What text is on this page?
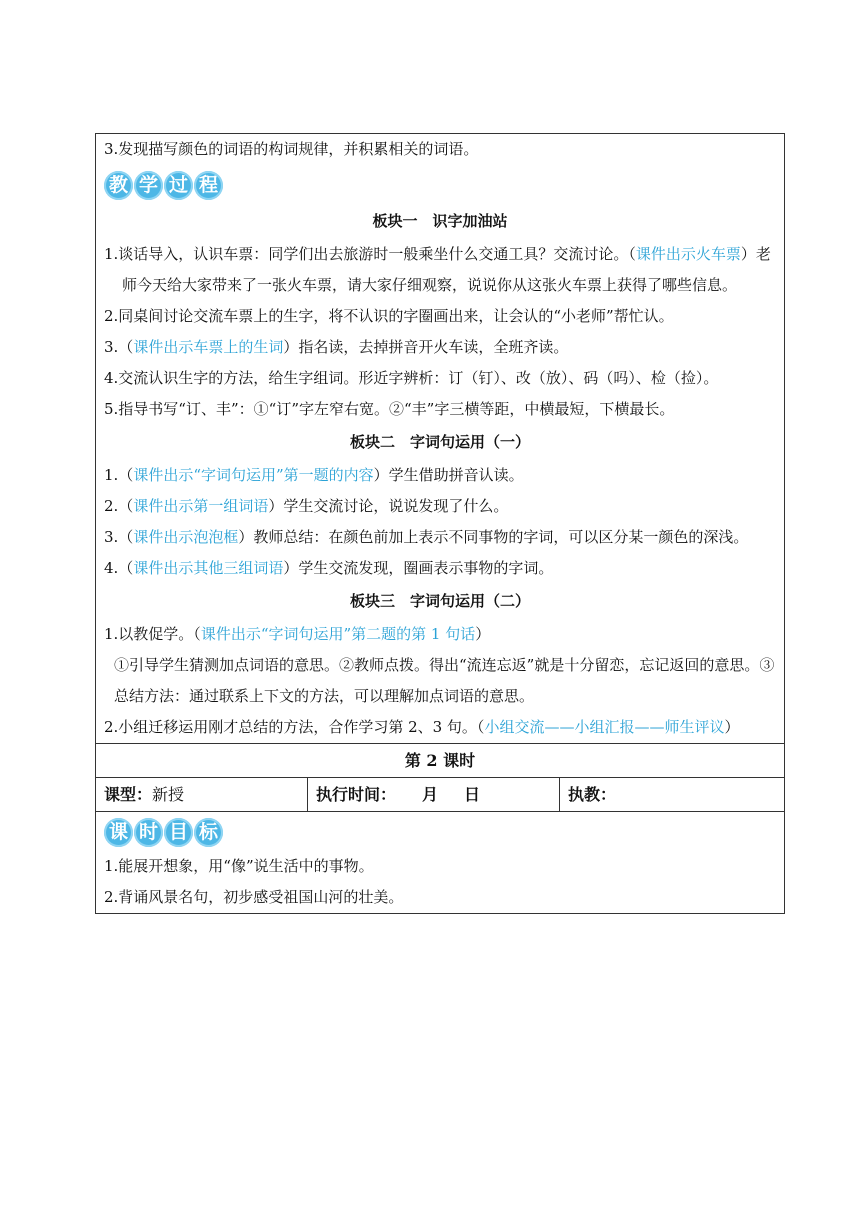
3.发现描写颜色的词语的构词规律，并积累相关的词语。

教 学 过 程
板块一　识字加油站

1.谈话导入，认识车票：同学们出去旅游时一般乘坐什么交通工具？交流讨论。（课件出示火车票）老师今天给大家带来了一张火车票，请大家仔细观察，说说你从这张火车票上获得了哪些信息。

2.同桌间讨论交流车票上的生字，将不认识的字圈画出来，让会认的“小老师”帮忙认。

3.（课件出示车票上的生词）指名读，去掉拼音开火车读，全班齐读。

4.交流认识生字的方法，给生字组词。形近字辨析：订（钉）、改（放）、码（吗）、检（捡）。

5.指导书写“订、丰”：①“订”字左窄右宽。②“丰”字三横等距，中横最短，下横最长。

板块二　字词句运用（一）

1.（课件出示“字词句运用”第一题的内容）学生借助拼音认读。

2.（课件出示第一组词语）学生交流讨论，说说发现了什么。

3.（课件出示泡泡框）教师总结：在颜色前加上表示不同事物的字词，可以区分某一颜色的深浅。

4.（课件出示其他三组词语）学生交流发现，圈画表示事物的字词。

板块三　字词句运用（二）

1.以教促学。（课件出示“字词句运用”第二题的第 1 句话）

①引导学生猜测加点词语的意思。②教师点拨。得出“流连忘返”就是十分留恋，忘记返回的意思。③总结方法：通过联系上下文的方法，可以理解加点词语的意思。

2.小组迁移运用刚才总结的方法，合作学习第 2、3 句。（小组交流——小组汇报——师生评议）

第 2 课时
课型：新授	执行时间： 月 日	执教：
课 时 目 标

1.能展开想象，用“像”说生活中的事物。

2.背诵风景名句，初步感受祖国山河的壮美。
